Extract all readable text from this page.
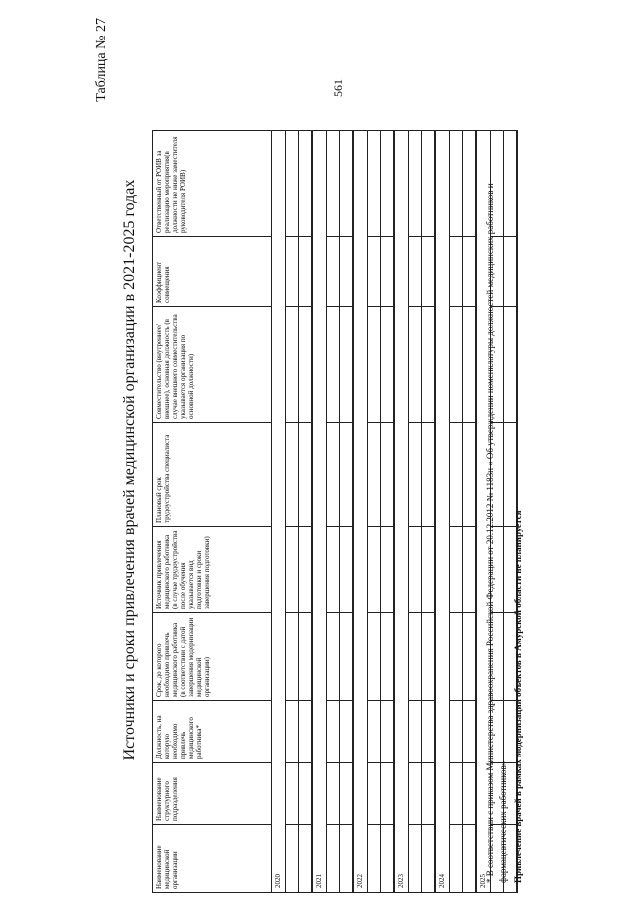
561
Таблица № 27
Источники и сроки привлечения врачей медицинской организации в 2021-2025 годах
Наименование медицинской организации	Наименование структурного подразделения	Должность, на которую необходимо привлечь медицинского работника*	Срок, до которого необходимо привлечь медицинского работника (в соответствии с датой завершения модернизации медицинской организации)	Источник привлечения медицинского работника (в случае трудоустройства после обучения указывается вид подготовки и сроки завершения подготовки)	Плановый срок трудоустройства специалиста	Совместительство (внутреннее/внешнее), основная должность (в случае внешнего совместительства указывается организация по основной должности)	Коэффициент совмещения	Ответственный от РОИВ за реализацию мероприятия(в должности не ниже заместителя руководителя РОИВ)
2020								

2021								

2022								

2023								

2024								

2025								

* В соответствии с приказом Министерства здравоохранения Российской Федерации от 20.12.2012 № 1183н « Об утверждении номенклатуры должностей медицинских работников и фармацевтических работников» Привлечение врачей в рамках модернизации объектов в Амурской области не планируется
